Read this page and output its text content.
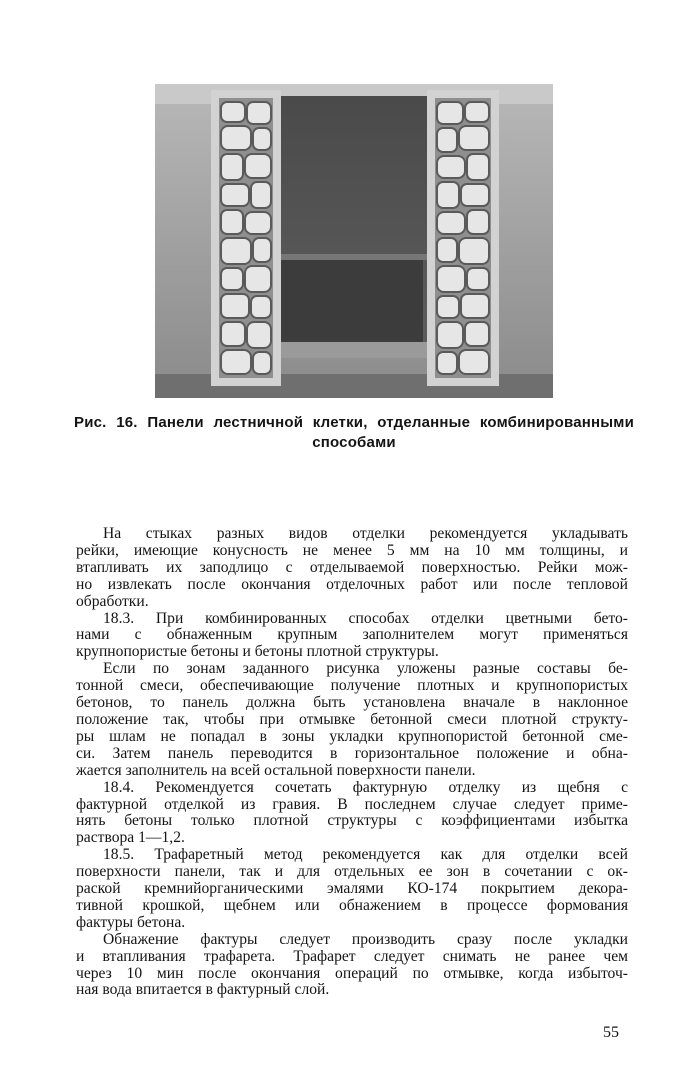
Рис. 16. Панели лестничной клетки, отделанные комбинированными
способами

На стыках разных видов отделки рекомендуется укладывать
рейки, имеющие конусность не менее 5 мм на 10 мм толщины, и
втапливать их заподлицо с отделываемой поверхностью. Рейки мож-
но извлекать после окончания отделочных работ или после тепловой
обработки.

18.3. При комбинированных способах отделки цветными бето-
нами с обнаженным крупным заполнителем могут применяться
крупнопористые бетоны и бетоны плотной структуры.

Если по зонам заданного рисунка уложены разные составы бе-
тонной смеси, обеспечивающие получение плотных и крупнопористых
бетонов, то панель должна быть установлена вначале в наклонное
положение так, чтобы при отмывке бетонной смеси плотной структу-
ры шлам не попадал в зоны укладки крупнопористой бетонной сме-
си. Затем панель переводится в горизонтальное положение и обна-
жается заполнитель на всей остальной поверхности панели.

18.4. Рекомендуется сочетать фактурную отделку из щебня с
фактурной отделкой из гравия. В последнем случае следует приме-
нять бетоны только плотной структуры с коэффициентами избытка
раствора 1—1,2.

18.5. Трафаретный метод рекомендуется как для отделки всей
поверхности панели, так и для отдельных ее зон в сочетании с ок-
раской кремнийорганическими эмалями КО-174 покрытием декора-
тивной крошкой, щебнем или обнажением в процессе формования
фактуры бетона.

Обнажение фактуры следует производить сразу после укладки
и втапливания трафарета. Трафарет следует снимать не ранее чем
через 10 мин после окончания операций по отмывке, когда избыточ-
ная вода впитается в фактурный слой.

55
